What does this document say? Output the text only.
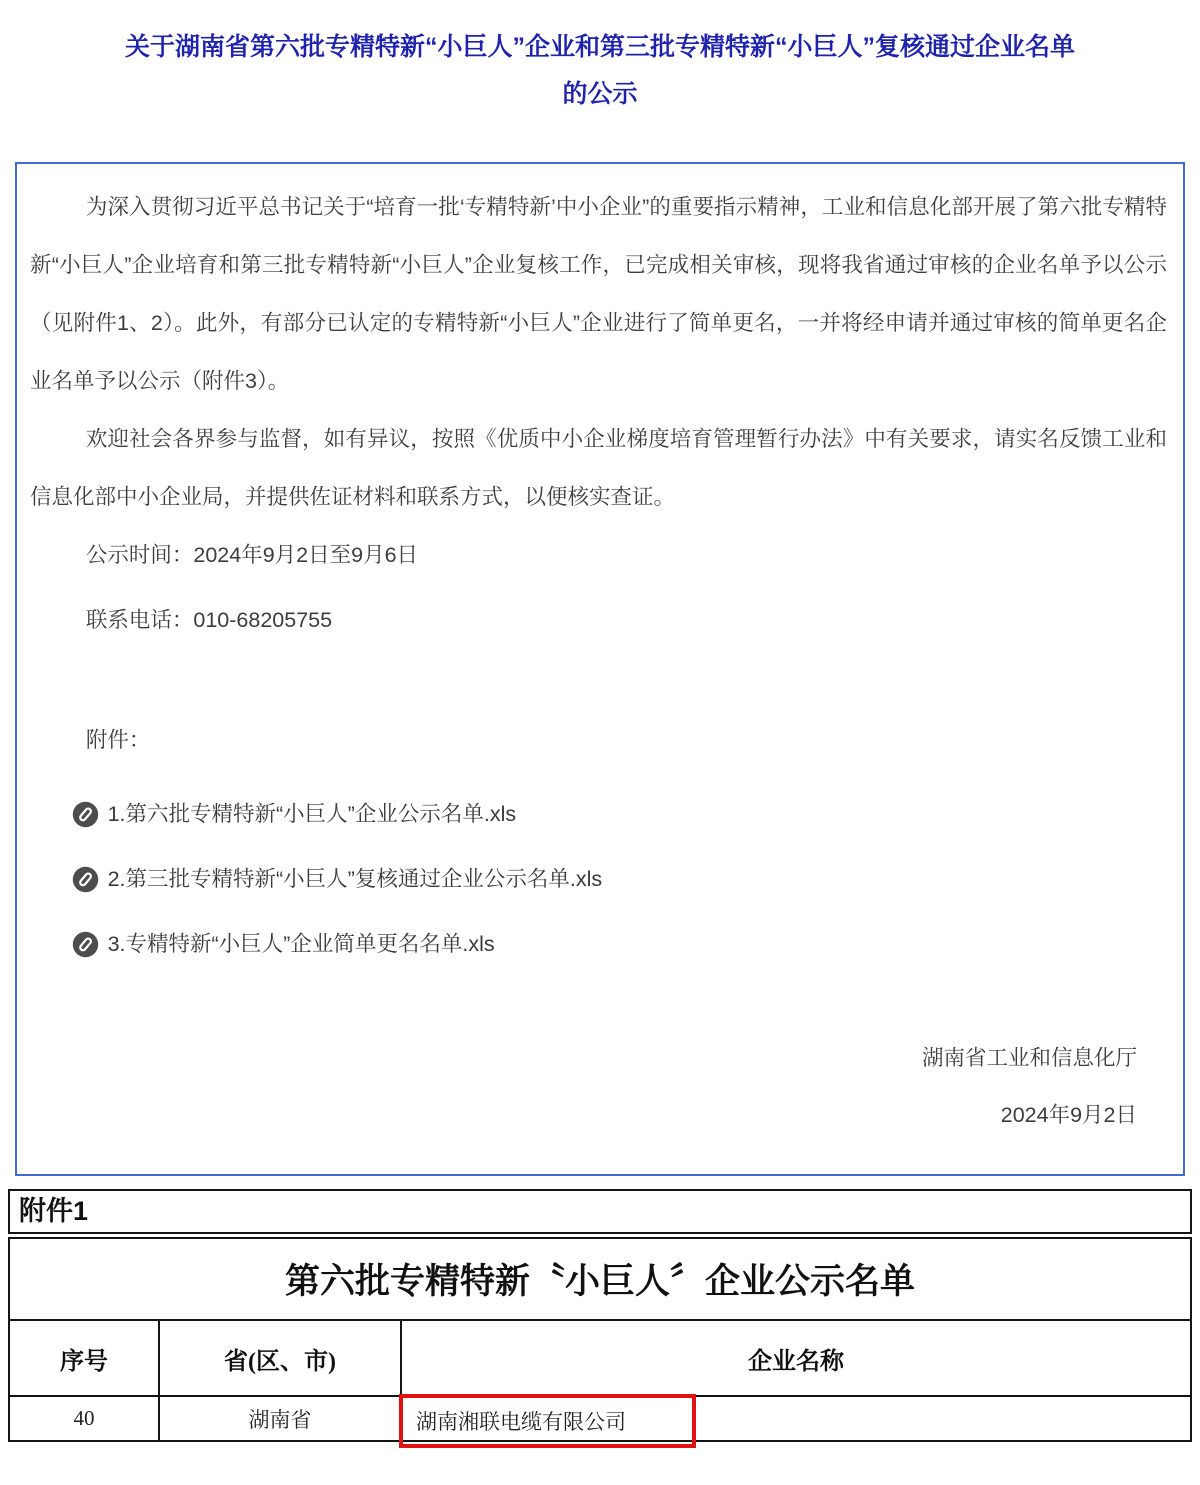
关于湖南省第六批专精特新“小巨人”企业和第三批专精特新“小巨人”复核通过企业名单
的公示

为深入贯彻习近平总书记关于“培育一批‘专精特新’中小企业”的重要指示精神，工业和信息化部开展了第六批专精特新“小巨人”企业培育和第三批专精特新“小巨人”企业复核工作，已完成相关审核，现将我省通过审核的企业名单予以公示（见附件1、2）。此外，有部分已认定的专精特新“小巨人”企业进行了简单更名，一并将经申请并通过审核的简单更名企业名单予以公示（附件3）。

欢迎社会各界参与监督，如有异议，按照《优质中小企业梯度培育管理暂行办法》中有关要求，请实名反馈工业和信息化部中小企业局，并提供佐证材料和联系方式，以便核实查证。

公示时间：2024年9月2日至9月6日

联系电话：010-68205755

附件：

1.第六批专精特新“小巨人”企业公示名单.xls
2.第三批专精特新“小巨人”复核通过企业公示名单.xls
3.专精特新“小巨人”企业简单更名名单.xls

湖南省工业和信息化厅

2024年9月2日

附件1
第六批专精特新〝小巨人〞企业公示名单		
序号	省(区、市)	企业名称
40	湖南省	湖南湘联电缆有限公司
